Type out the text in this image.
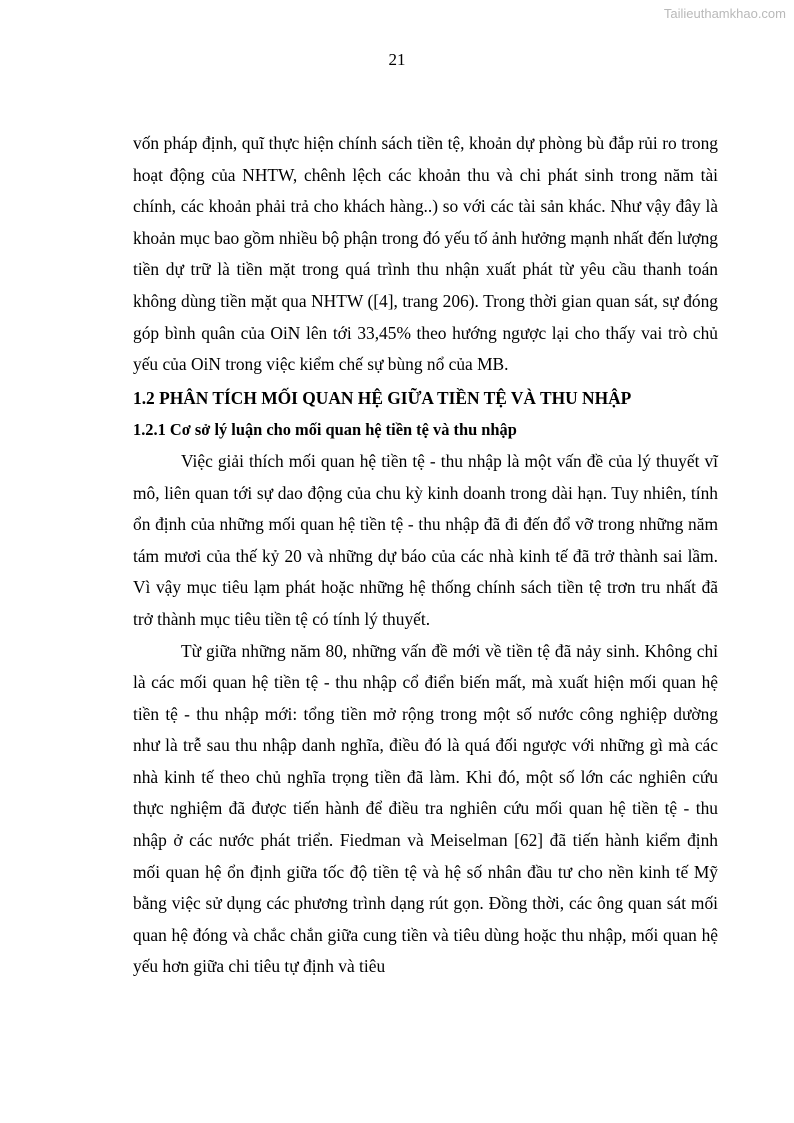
Tailieuthamkhao.com
21

vốn pháp định, quĩ thực hiện chính sách tiền tệ, khoản dự phòng bù đắp rủi ro trong hoạt động của NHTW, chênh lệch các khoản thu và chi phát sinh trong năm tài chính, các khoản phải trả cho khách hàng..) so với các tài sản khác. Như vậy đây là khoản mục bao gồm nhiều bộ phận trong đó yếu tố ảnh hưởng mạnh nhất đến lượng tiền dự trữ là tiền mặt trong quá trình thu nhận xuất phát từ yêu cầu thanh toán không dùng tiền mặt qua NHTW ([4], trang 206). Trong thời gian quan sát, sự đóng góp bình quân của OiN lên tới 33,45% theo hướng ngược lại cho thấy vai trò chủ yếu của OiN trong việc kiểm chế sự bùng nổ của MB.

1.2 PHÂN TÍCH MỐI QUAN HỆ GIỮA TIỀN TỆ VÀ THU NHẬP
1.2.1 Cơ sở lý luận cho mối quan hệ tiền tệ và thu nhập

Việc giải thích mối quan hệ tiền tệ - thu nhập là một vấn đề của lý thuyết vĩ mô, liên quan tới sự dao động của chu kỳ kinh doanh trong dài hạn. Tuy nhiên, tính ổn định của những mối quan hệ tiền tệ - thu nhập đã đi đến đổ vỡ trong những năm tám mươi của thế kỷ 20 và những dự báo của các nhà kinh tế đã trở thành sai lầm. Vì vậy mục tiêu lạm phát hoặc những hệ thống chính sách tiền tệ trơn tru nhất đã trở thành mục tiêu tiền tệ có tính lý thuyết.

Từ giữa những năm 80, những vấn đề mới về tiền tệ đã nảy sinh. Không chỉ là các mối quan hệ tiền tệ - thu nhập cổ điển biến mất, mà xuất hiện mối quan hệ tiền tệ - thu nhập mới: tổng tiền mở rộng trong một số nước công nghiệp dường như là trễ sau thu nhập danh nghĩa, điều đó là quá đối ngược với những gì mà các nhà kinh tế theo chủ nghĩa trọng tiền đã làm. Khi đó, một số lớn các nghiên cứu thực nghiệm đã được tiến hành để điều tra nghiên cứu mối quan hệ tiền tệ - thu nhập ở các nước phát triển. Fiedman và Meiselman [62] đã tiến hành kiểm định mối quan hệ ổn định giữa tốc độ tiền tệ và hệ số nhân đầu tư cho nền kinh tế Mỹ bằng việc sử dụng các phương trình dạng rút gọn. Đồng thời, các ông quan sát mối quan hệ đóng và chắc chắn giữa cung tiền và tiêu dùng hoặc thu nhập, mối quan hệ yếu hơn giữa chi tiêu tự định và tiêu
